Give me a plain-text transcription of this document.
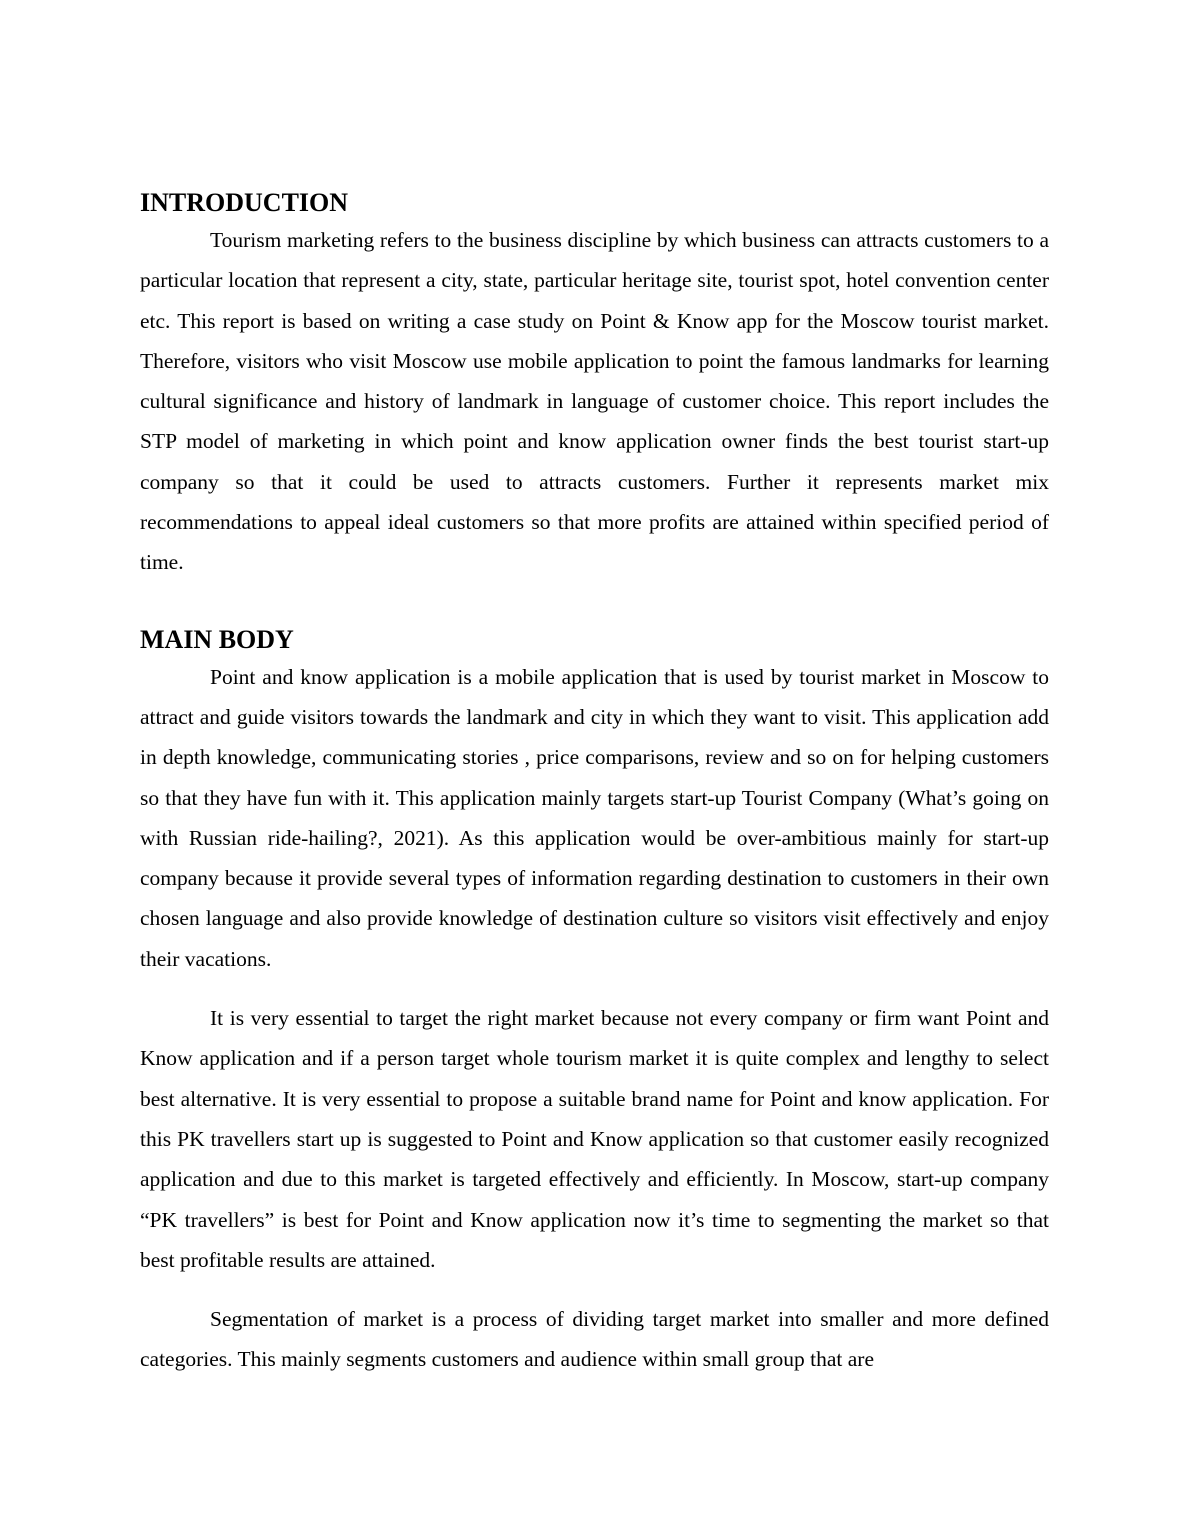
INTRODUCTION

Tourism marketing refers to the business discipline by which business can attracts customers to a particular location that represent a city, state, particular heritage site, tourist spot, hotel convention center etc. This report is based on writing a case study on Point & Know app for the Moscow tourist market. Therefore, visitors who visit Moscow use mobile application to point the famous landmarks for learning cultural significance and history of landmark in language of customer choice. This report includes the STP model of marketing in which point and know application owner finds the best tourist start-up company so that it could be used to attracts customers. Further it represents market mix recommendations to appeal ideal customers so that more profits are attained within specified period of time.

MAIN BODY

Point and know application is a mobile application that is used by tourist market in Moscow to attract and guide visitors towards the landmark and city in which they want to visit. This application add in depth knowledge, communicating stories , price comparisons, review and so on for helping customers so that they have fun with it. This application mainly targets start-up Tourist Company (What’s going on with Russian ride-hailing?, 2021). As this application would be over-ambitious mainly for start-up company because it provide several types of information regarding destination to customers in their own chosen language and also provide knowledge of destination culture so visitors visit effectively and enjoy their vacations.

It is very essential to target the right market because not every company or firm want Point and Know application and if a person target whole tourism market it is quite complex and lengthy to select best alternative. It is very essential to propose a suitable brand name for Point and know application. For this PK travellers start up is suggested to Point and Know application so that customer easily recognized application and due to this market is targeted effectively and efficiently. In Moscow, start-up company “PK travellers” is best for Point and Know application now it’s time to segmenting the market so that best profitable results are attained.

Segmentation of market is a process of dividing target market into smaller and more defined categories. This mainly segments customers and audience within small group that are
